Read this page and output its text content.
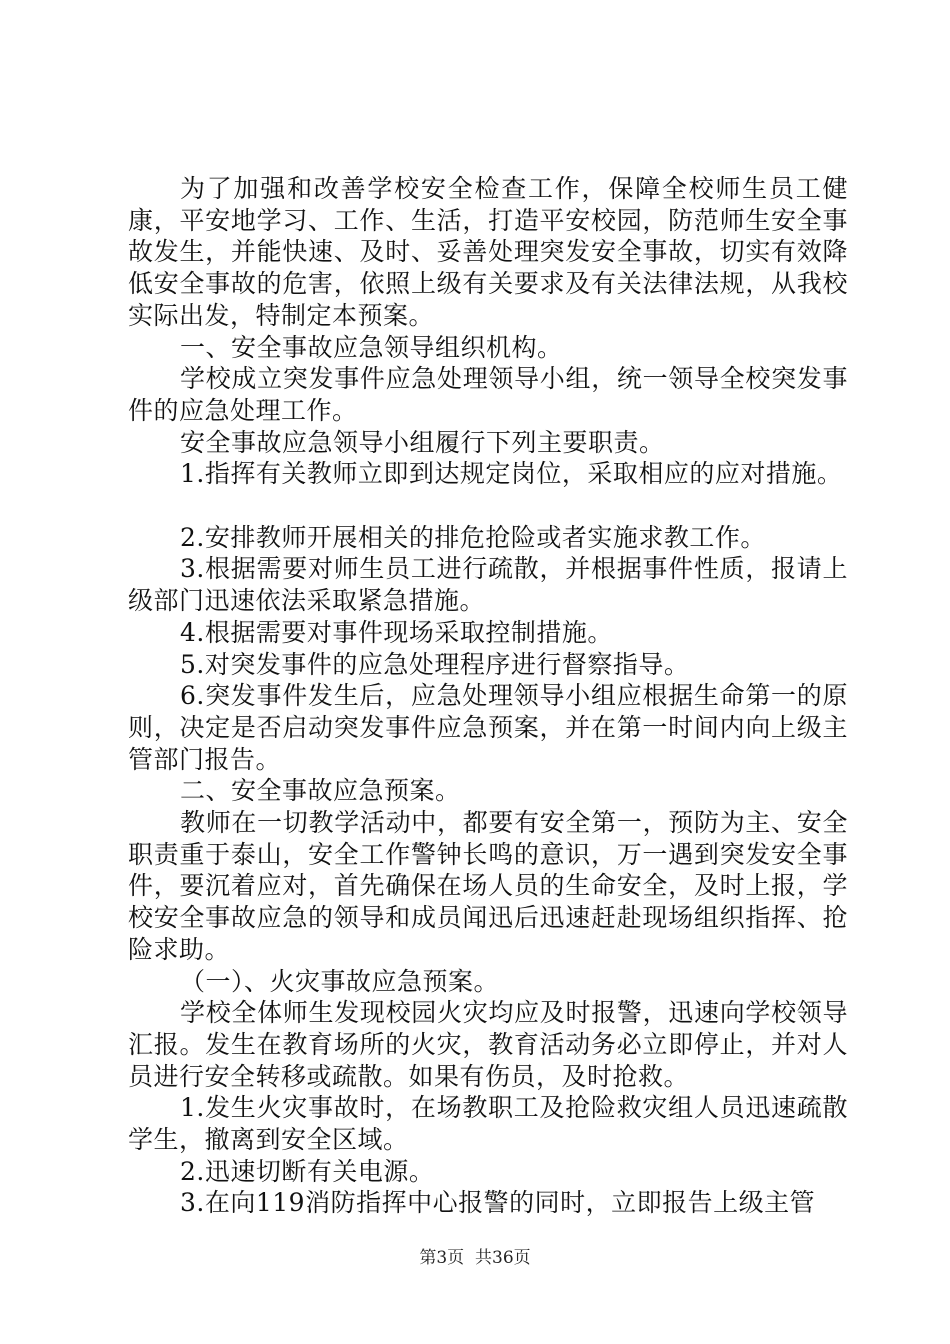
为了加强和改善学校安全检查工作，保障全校师生员工健康，平安地学习、工作、生活，打造平安校园，防范师生安全事故发生，并能快速、及时、妥善处理突发安全事故，切实有效降低安全事故的危害，依照上级有关要求及有关法律法规，从我校实际出发，特制定本预案。

一、安全事故应急领导组织机构。

学校成立突发事件应急处理领导小组，统一领导全校突发事件的应急处理工作。

安全事故应急领导小组履行下列主要职责。

1.指挥有关教师立即到达规定岗位，采取相应的应对措施。

2.安排教师开展相关的排危抢险或者实施求教工作。

3.根据需要对师生员工进行疏散，并根据事件性质，报请上级部门迅速依法采取紧急措施。

4.根据需要对事件现场采取控制措施。

5.对突发事件的应急处理程序进行督察指导。

6.突发事件发生后，应急处理领导小组应根据生命第一的原则，决定是否启动突发事件应急预案，并在第一时间内向上级主管部门报告。

二、安全事故应急预案。

教师在一切教学活动中，都要有安全第一，预防为主、安全职责重于泰山，安全工作警钟长鸣的意识，万一遇到突发安全事件，要沉着应对，首先确保在场人员的生命安全，及时上报，学校安全事故应急的领导和成员闻迅后迅速赶赴现场组织指挥、抢险求助。

（一）、火灾事故应急预案。

学校全体师生发现校园火灾均应及时报警，迅速向学校领导汇报。发生在教育场所的火灾，教育活动务必立即停止，并对人员进行安全转移或疏散。如果有伤员，及时抢救。

1.发生火灾事故时，在场教职工及抢险救灾组人员迅速疏散学生，撤离到安全区域。

2.迅速切断有关电源。

3.在向119消防指挥中心报警的同时，立即报告上级主管

第3页 共36页
